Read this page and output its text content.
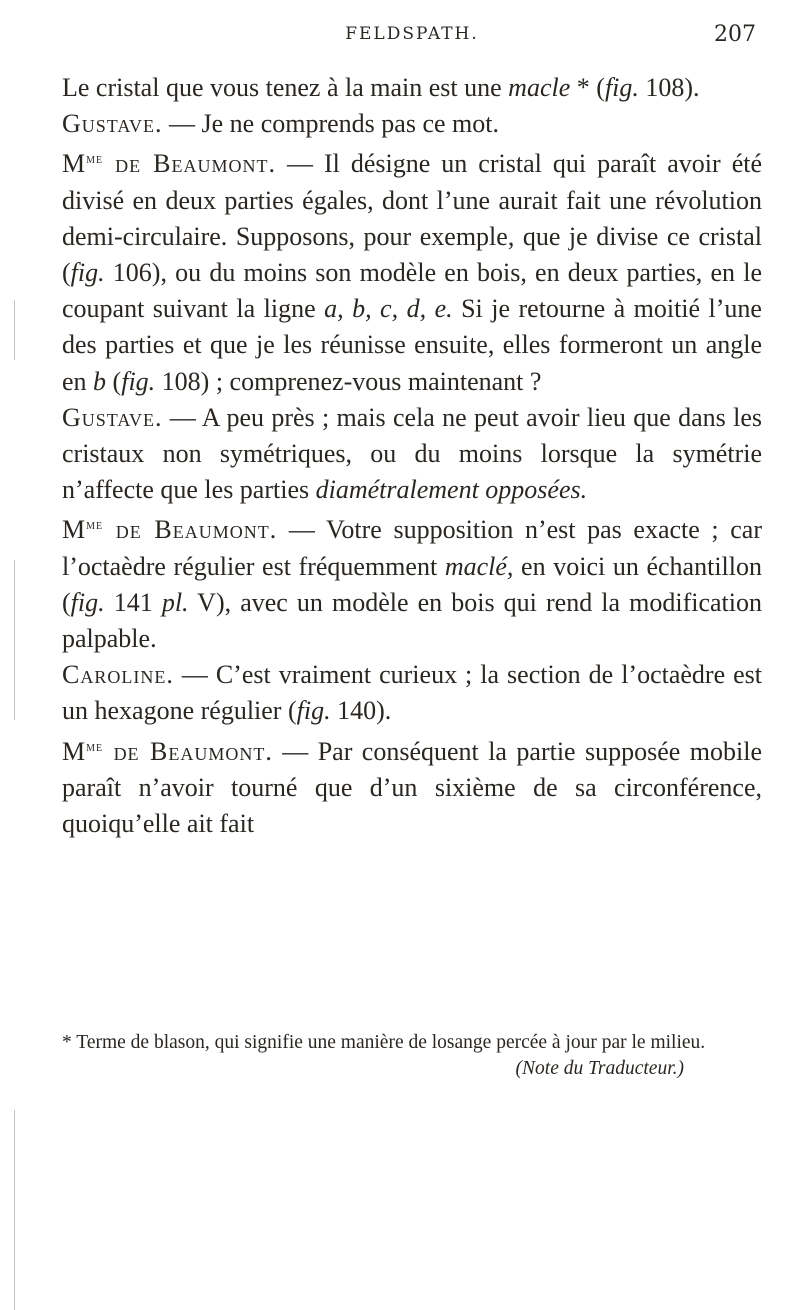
FELDSPATH.	207

Le cristal que vous tenez à la main est une macle * (fig. 108).

Gustave. — Je ne comprends pas ce mot.

$M^{me}$ de Beaumont. — Il désigne un cristal qui paraît avoir été divisé en deux parties égales, dont l’une aurait fait une révolution demi-circulaire. Supposons, pour exemple, que je divise ce cristal (fig. 106), ou du moins son modèle en bois, en deux parties, en le coupant suivant la ligne a, b, c, d, e. Si je retourne à moitié l’une des parties et que je les réunisse ensuite, elles formeront un angle en b (fig. 108) ; comprenez-vous maintenant ?

Gustave. — A peu près ; mais cela ne peut avoir lieu que dans les cristaux non symétriques, ou du moins lorsque la symétrie n’affecte que les parties diamétralement opposées.

$M^{me}$ de Beaumont. — Votre supposition n’est pas exacte ; car l’octaèdre régulier est fréquemment maclé, en voici un échantillon (fig. 141 pl. V), avec un modèle en bois qui rend la modification palpable.

Caroline. — C’est vraiment curieux ; la section de l’octaèdre est un hexagone régulier (fig. 140).

$M^{me}$ de Beaumont. — Par conséquent la partie supposée mobile paraît n’avoir tourné que d’un sixième de sa circonférence, quoiqu’elle ait fait

* Terme de blason, qui signifie une manière de losange percée à jour par le milieu.

(Note du Traducteur.)
